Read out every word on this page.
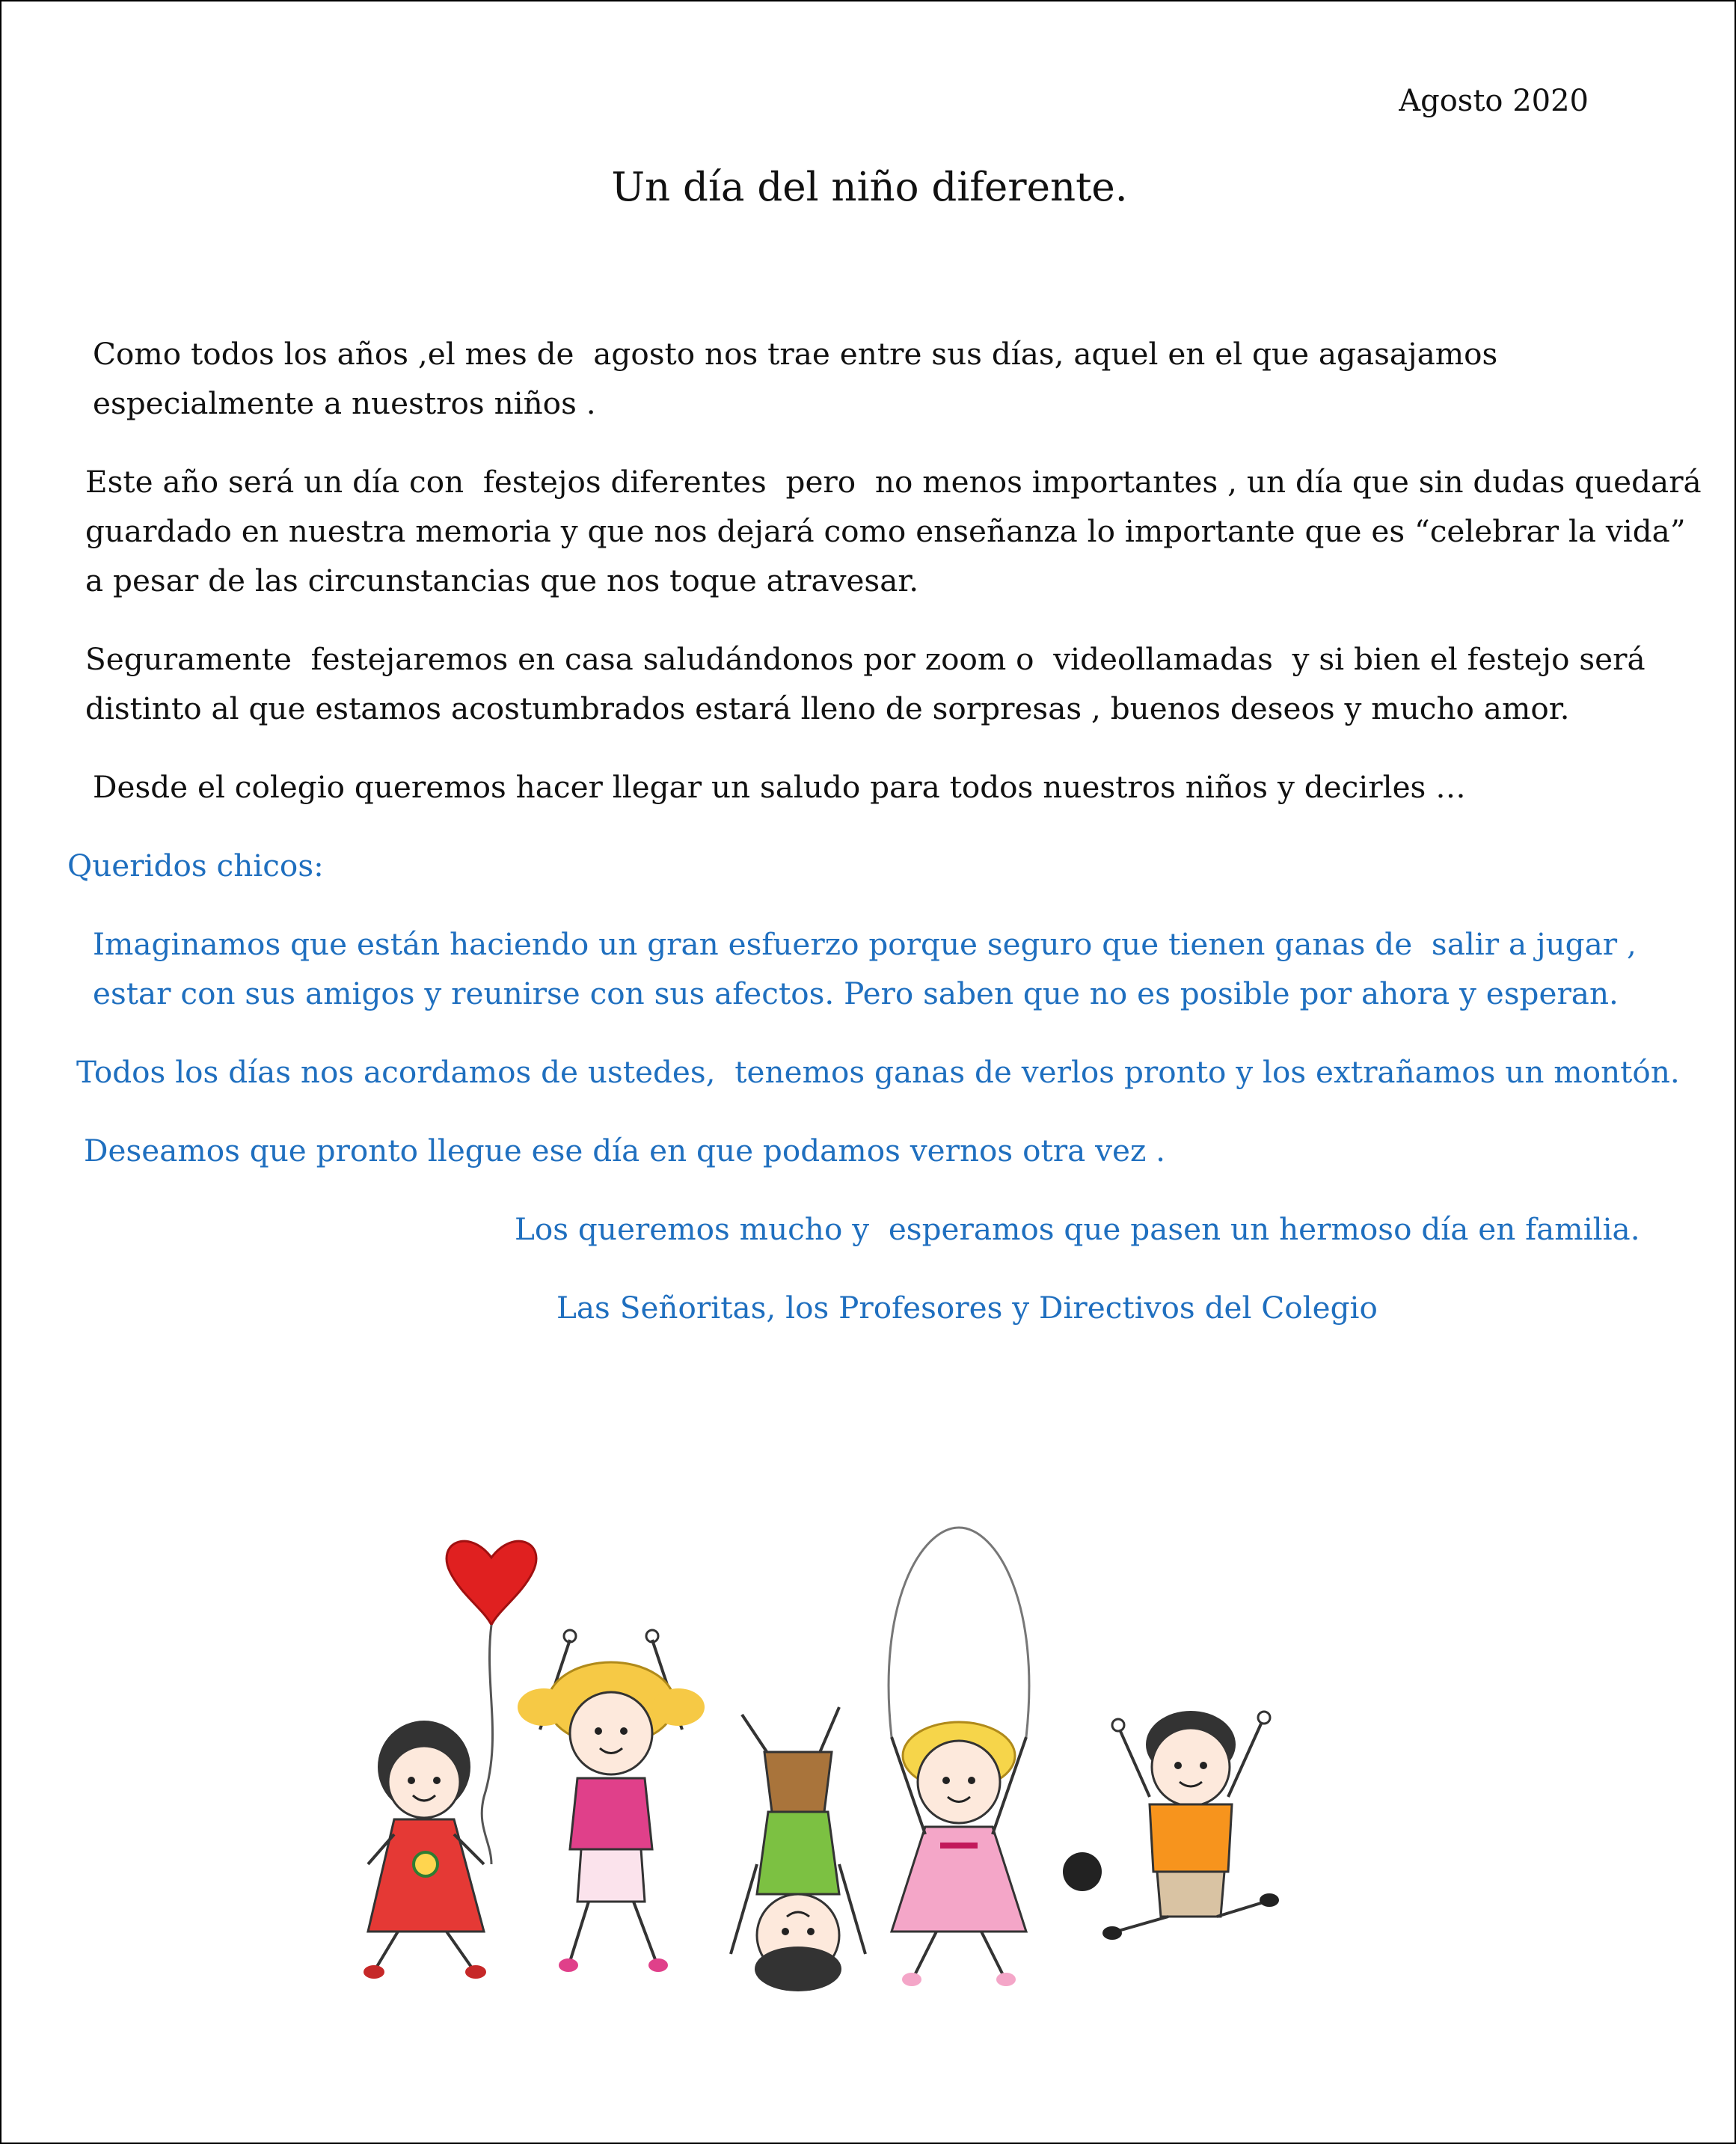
Agosto 2020
Un día del niño diferente.

Como todos los años ,el mes de  agosto nos trae entre sus días, aquel en el que agasajamos especialmente a nuestros niños .

Este año será un día con  festejos diferentes  pero  no menos importantes , un día que sin dudas quedará guardado en nuestra memoria y que nos dejará como enseñanza lo importante que es “celebrar la vida” a pesar de las circunstancias que nos toque atravesar.

Seguramente  festejaremos en casa saludándonos por zoom o  videollamadas  y si bien el festejo será distinto al que estamos acostumbrados estará lleno de sorpresas , buenos deseos y mucho amor.

Desde el colegio queremos hacer llegar un saludo para todos nuestros niños y decirles …

Queridos chicos:

Imaginamos que están haciendo un gran esfuerzo porque seguro que tienen ganas de  salir a jugar , estar con sus amigos y reunirse con sus afectos. Pero saben que no es posible por ahora y esperan.

Todos los días nos acordamos de ustedes,  tenemos ganas de verlos pronto y los extrañamos un montón.

Deseamos que pronto llegue ese día en que podamos vernos otra vez .

Los queremos mucho y  esperamos que pasen un hermoso día en familia.

Las Señoritas, los Profesores y Directivos del Colegio
